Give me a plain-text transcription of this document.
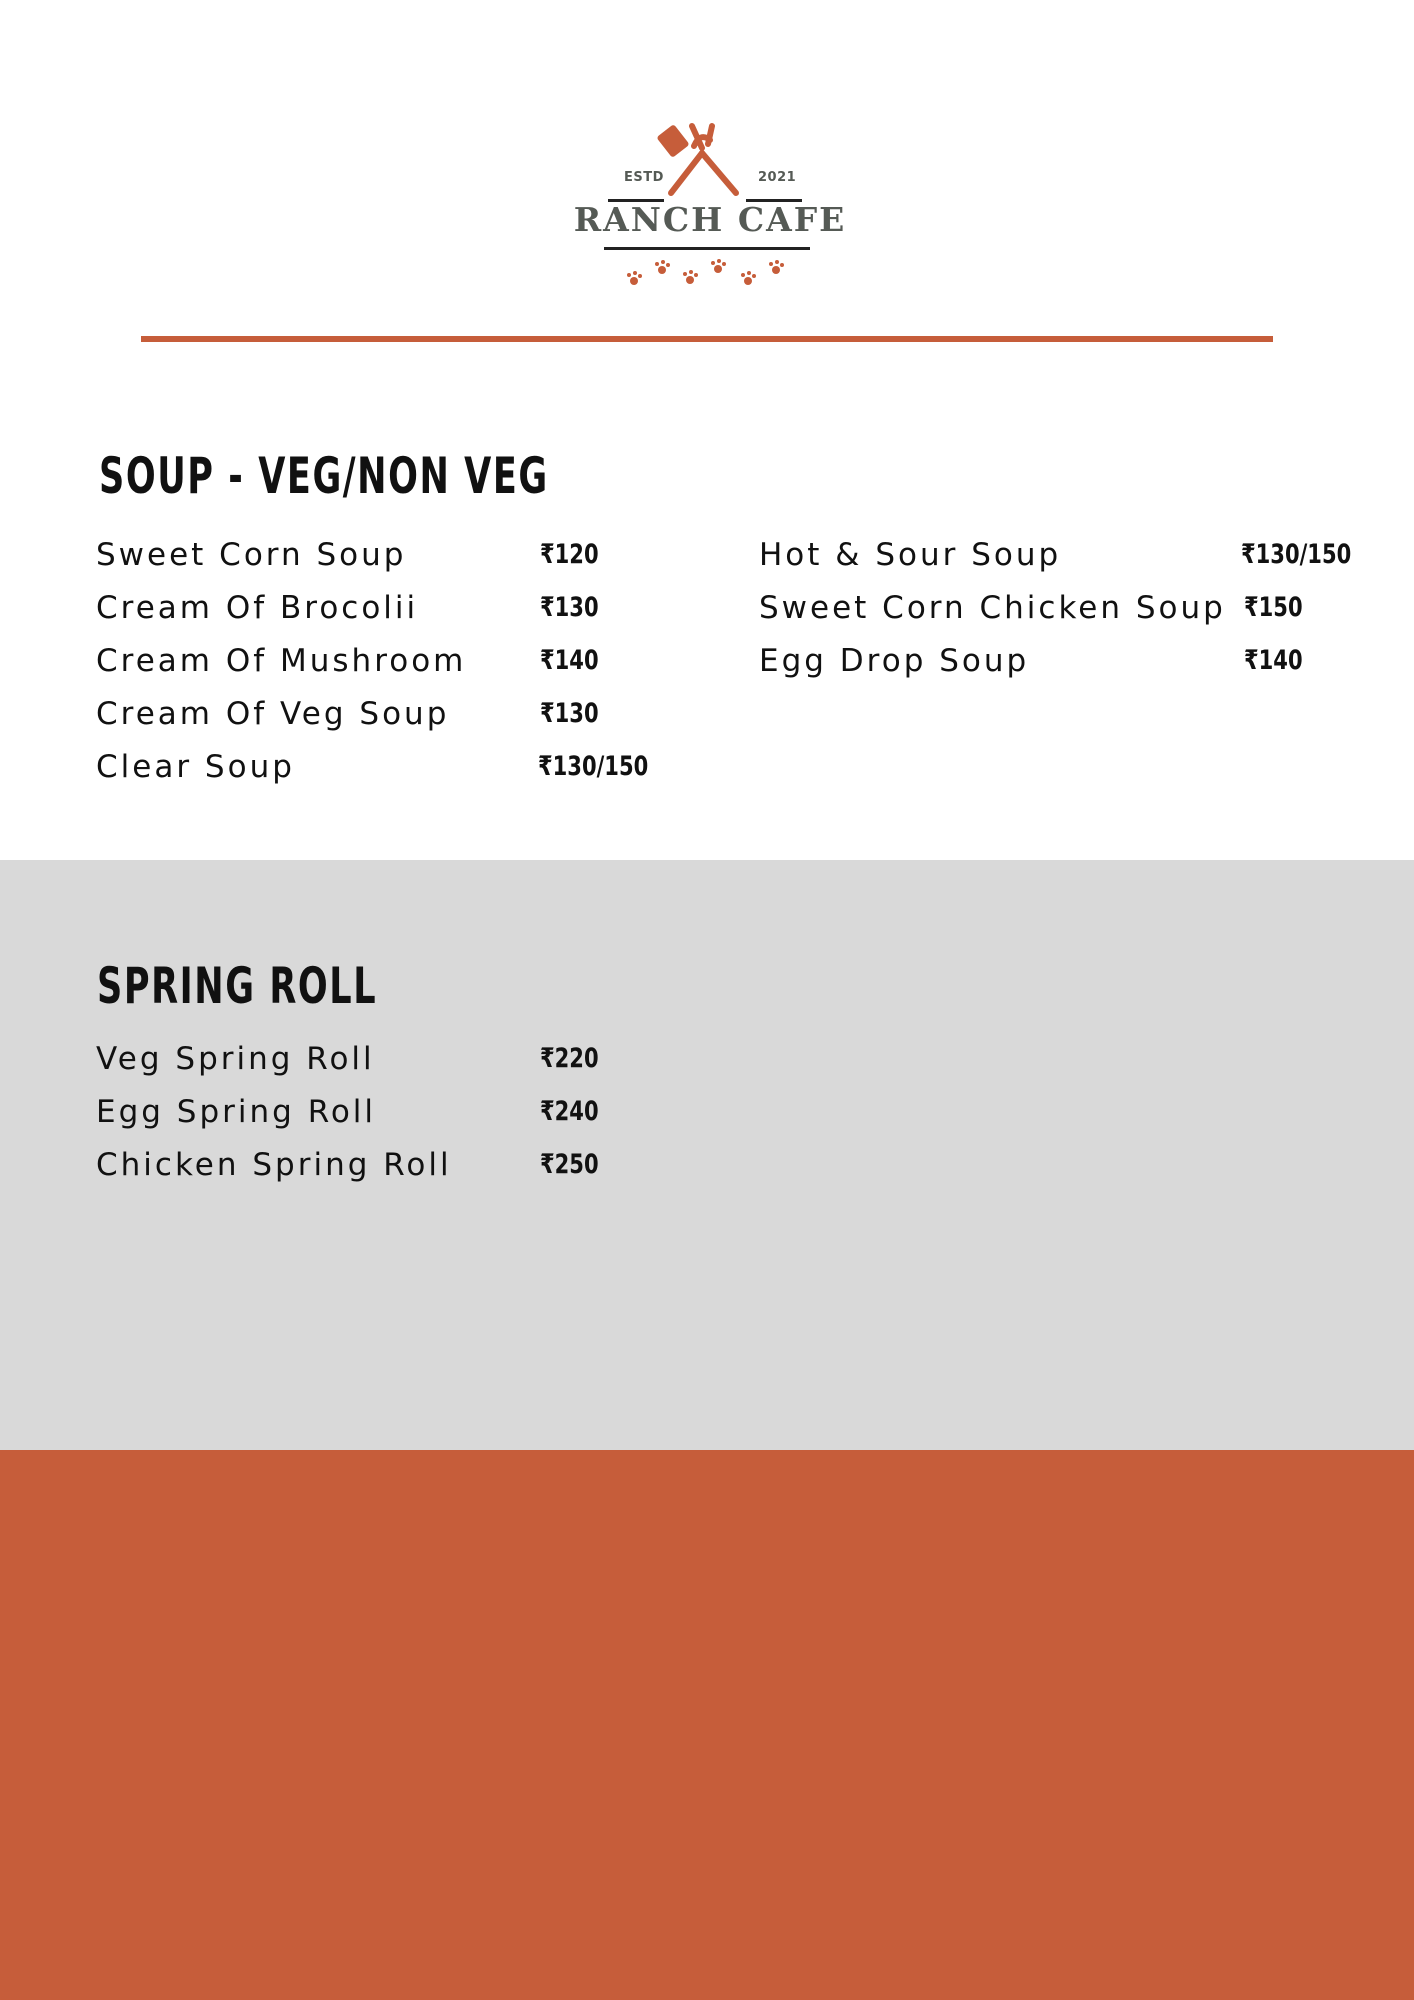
ESTD	2021
RANCH CAFE
SOUP - VEG/NON VEG
Sweet Corn Soup	₹120
Cream Of Brocolii	₹130
Cream Of Mushroom	₹140
Cream Of Veg Soup	₹130
Clear Soup	₹130/150
Hot & Sour Soup	₹130/150
Sweet Corn Chicken Soup ₹150
Egg Drop Soup	₹140
SPRING ROLL
Veg Spring Roll	₹220
Egg Spring Roll	₹240
Chicken Spring Roll	₹250
